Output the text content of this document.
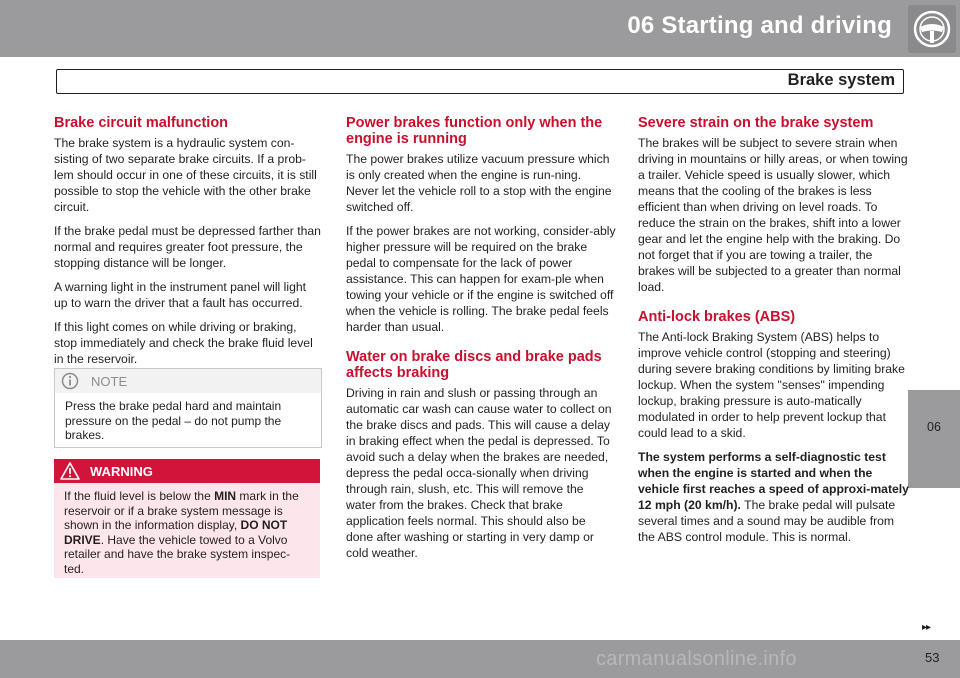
06 Starting and driving
Brake system
06
Brake circuit malfunction

The brake system is a hydraulic system con-sisting of two separate brake circuits. If a prob-lem should occur in one of these circuits, it is still possible to stop the vehicle with the other brake circuit.

If the brake pedal must be depressed farther than normal and requires greater foot pressure, the stopping distance will be longer.

A warning light in the instrument panel will light up to warn the driver that a fault has occurred.

If this light comes on while driving or braking, stop immediately and check the brake fluid level in the reservoir.

NOTE
Press the brake pedal hard and maintain pressure on the pedal – do not pump the brakes.
WARNING
If the fluid level is below the MIN mark in the reservoir or if a brake system message is shown in the information display, DO NOT DRIVE. Have the vehicle towed to a Volvo retailer and have the brake system inspec-ted.
Power brakes function only when the engine is running

The power brakes utilize vacuum pressure which is only created when the engine is run-ning. Never let the vehicle roll to a stop with the engine switched off.

If the power brakes are not working, consider-ably higher pressure will be required on the brake pedal to compensate for the lack of power assistance. This can happen for exam-ple when towing your vehicle or if the engine is switched off when the vehicle is rolling. The brake pedal feels harder than usual.

Water on brake discs and brake pads affects braking

Driving in rain and slush or passing through an automatic car wash can cause water to collect on the brake discs and pads. This will cause a delay in braking effect when the pedal is depressed. To avoid such a delay when the brakes are needed, depress the pedal occa-sionally when driving through rain, slush, etc. This will remove the water from the brakes. Check that brake application feels normal. This should also be done after washing or starting in very damp or cold weather.

Severe strain on the brake system

The brakes will be subject to severe strain when driving in mountains or hilly areas, or when towing a trailer. Vehicle speed is usually slower, which means that the cooling of the brakes is less efficient than when driving on level roads. To reduce the strain on the brakes, shift into a lower gear and let the engine help with the braking. Do not forget that if you are towing a trailer, the brakes will be subjected to a greater than normal load.

Anti-lock brakes (ABS)

The Anti-lock Braking System (ABS) helps to improve vehicle control (stopping and steering) during severe braking conditions by limiting brake lockup. When the system "senses" impending lockup, braking pressure is auto-matically modulated in order to help prevent lockup that could lead to a skid.

The system performs a self-diagnostic test when the engine is started and when the vehicle first reaches a speed of approxi-mately 12 mph (20 km/h). The brake pedal will pulsate several times and a sound may be audible from the ABS control module. This is normal.

▸▸
carmanualsonline.info	53
